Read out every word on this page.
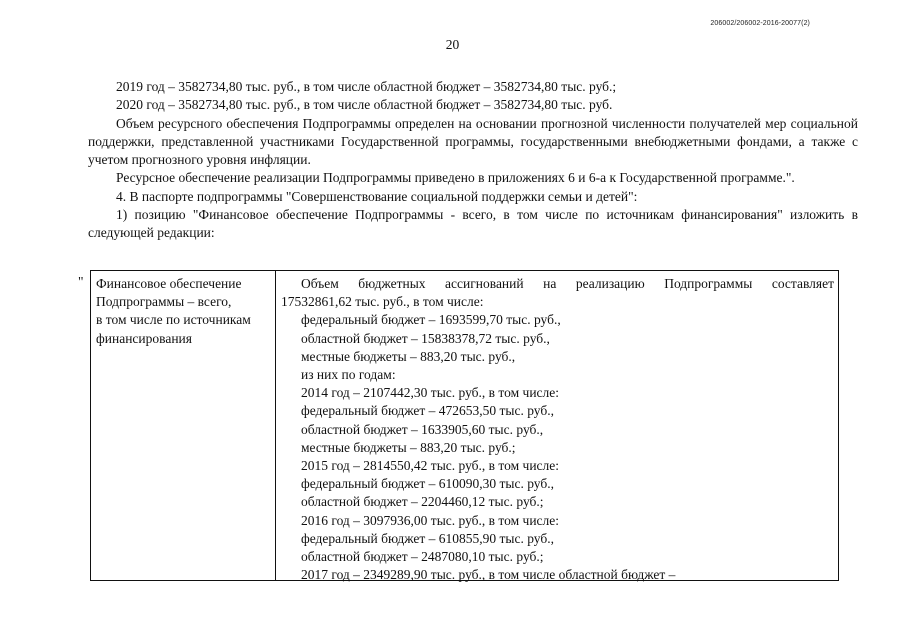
206002/206002-2016-20077(2)
20

2019 год – 3582734,80 тыс. руб., в том числе областной бюджет – 3582734,80 тыс. руб.;

2020 год – 3582734,80 тыс. руб., в том числе областной бюджет – 3582734,80 тыс. руб.

Объем ресурсного обеспечения Подпрограммы определен на основании прогнозной численности получателей мер социальной поддержки, представленной участниками Государственной программы, государственными внебюджетными фондами, а также с учетом прогнозного уровня инфляции.

Ресурсное обеспечение реализации Подпрограммы приведено в приложениях 6 и 6-а к Государственной программе.".

4. В паспорте подпрограммы "Совершенствование социальной поддержки семьи и детей":

1) позицию "Финансовое обеспечение Подпрограммы - всего, в том числе по источникам финансирования" изложить в следующей редакции:

" Финансовое обеспечение
Подпрограммы – всего,
в том числе по источникам
финансирования
Объем бюджетных ассигнований на реализацию Подпрограммы составляет
17532861,62 тыс. руб., в том числе:
федеральный бюджет – 1693599,70 тыс. руб.,
областной бюджет – 15838378,72 тыс. руб.,
местные бюджеты – 883,20 тыс. руб.,
из них по годам:
2014 год – 2107442,30 тыс. руб., в том числе:
федеральный бюджет – 472653,50 тыс. руб.,
областной бюджет – 1633905,60 тыс. руб.,
местные бюджеты – 883,20 тыс. руб.;
2015 год – 2814550,42 тыс. руб., в том числе:
федеральный бюджет – 610090,30 тыс. руб.,
областной бюджет – 2204460,12 тыс. руб.;
2016 год – 3097936,00 тыс. руб., в том числе:
федеральный бюджет – 610855,90 тыс. руб.,
областной бюджет – 2487080,10 тыс. руб.;
2017 год – 2349289,90 тыс. руб., в том числе областной бюджет –
